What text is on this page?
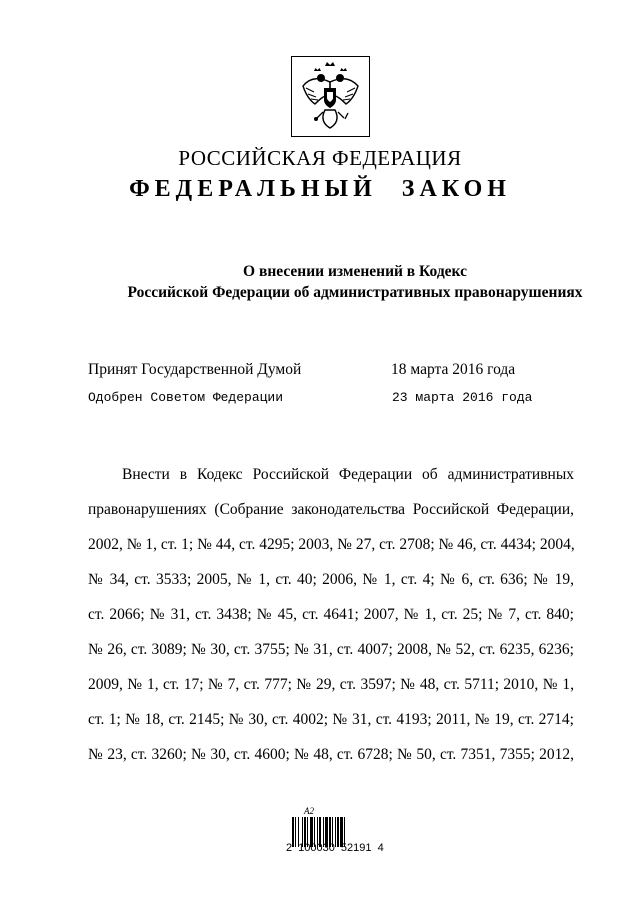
РОССИЙСКАЯ ФЕДЕРАЦИЯ
ФЕДЕРАЛЬНЫЙ ЗАКОН
О внесении изменений в Кодекс
Российской Федерации об административных правонарушениях
Принят Государственной Думой	18 марта 2016 года
Одобрен Советом Федерации	23 марта 2016 года
Внести в Кодекс Российской Федерации об административных
правонарушениях (Собрание законодательства Российской Федерации,
2002, № 1, ст. 1; № 44, ст. 4295; 2003, № 27, ст. 2708; № 46, ст. 4434; 2004,
№ 34, ст. 3533; 2005, № 1, ст. 40; 2006, № 1, ст. 4; № 6, ст. 636; № 19,
ст. 2066; № 31, ст. 3438; № 45, ст. 4641; 2007, № 1, ст. 25; № 7, ст. 840;
№ 26, ст. 3089; № 30, ст. 3755; № 31, ст. 4007; 2008, № 52, ст. 6235, 6236;
2009, № 1, ст. 17; № 7, ст. 777; № 29, ст. 3597; № 48, ст. 5711; 2010, № 1,
ст. 1; № 18, ст. 2145; № 30, ст. 4002; № 31, ст. 4193; 2011, № 19, ст. 2714;
№ 23, ст. 3260; № 30, ст. 4600; № 48, ст. 6728; № 50, ст. 7351, 7355; 2012,
А2
2 100030 52191 4
